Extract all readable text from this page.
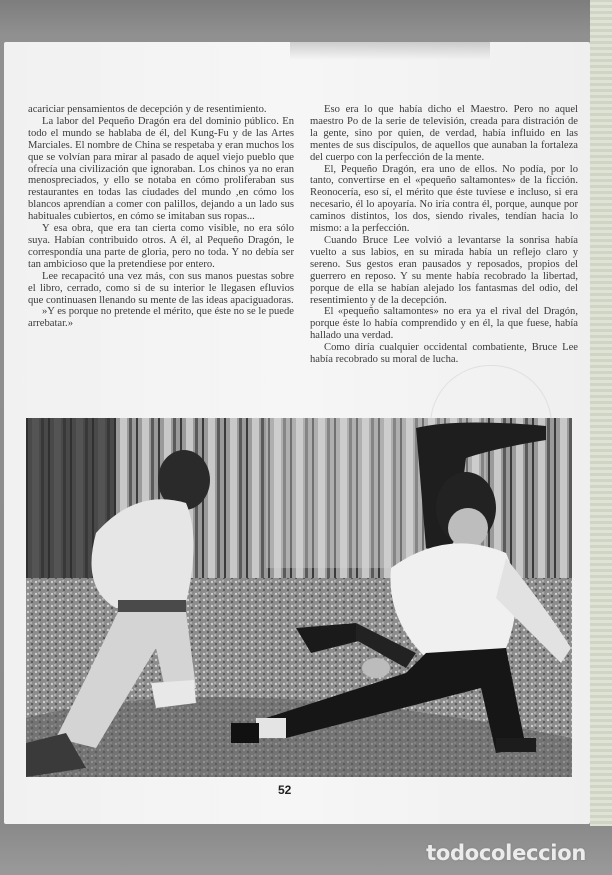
acariciar pensamientos de decepción y de resentimiento.

La labor del Pequeño Dragón era del dominio público. En todo el mundo se hablaba de él, del Kung-Fu y de las Artes Marciales. El nombre de China se respetaba y eran muchos los que se volvían para mirar al pasado de aquel viejo pueblo que ofrecía una civilización que ignoraban. Los chinos ya no eran menospreciados, y ello se notaba en cómo proliferaban sus restaurantes en todas las ciudades del mundo ,en cómo los blancos aprendían a comer con palillos, dejando a un lado sus habituales cubiertos, en cómo se imitaban sus ropas...

Y esa obra, que era tan cierta como visible, no era sólo suya. Habían contribuido otros. A él, al Pequeño Dragón, le correspondía una parte de gloria, pero no toda. Y no debía ser tan ambicioso que la pretendiese por entero.

Lee recapacitó una vez más, con sus manos puestas sobre el libro, cerrado, como si de su interior le llegasen efluvios que continuasen llenando su mente de las ideas apaciguadoras.

»Y es porque no pretende el mérito, que éste no se le puede arrebatar.»

Eso era lo que había dicho el Maestro. Pero no aquel maestro Po de la serie de televisión, creada para distración de la gente, sino por quien, de verdad, había influido en las mentes de sus discípulos, de aquellos que aunaban la fortaleza del cuerpo con la perfección de la mente.

El, Pequeño Dragón, era uno de ellos. No podía, por lo tanto, convertirse en el «pequeño saltamontes» de la ficción. Reonocería, eso sí, el mérito que éste tuviese e incluso, si era necesario, él lo apoyaría. No iría contra él, porque, aunque por caminos distintos, los dos, siendo rivales, tendían hacia lo mismo: a la perfección.

Cuando Bruce Lee volvió a levantarse la sonrisa había vuelto a sus labios, en su mirada había un reflejo claro y sereno. Sus gestos eran pausados y reposados, propios del guerrero en reposo. Y su mente había recobrado la libertad, porque de ella se habían alejado los fantasmas del odio, del resentimiento y de la decepción.

El «pequeño saltamontes» no era ya el rival del Dragón, porque éste lo había comprendido y en él, la que fuese, había hallado una verdad.

Como diría cualquier occidental combatiente, Bruce Lee había recobrado su moral de lucha.

52
todocoleccion
